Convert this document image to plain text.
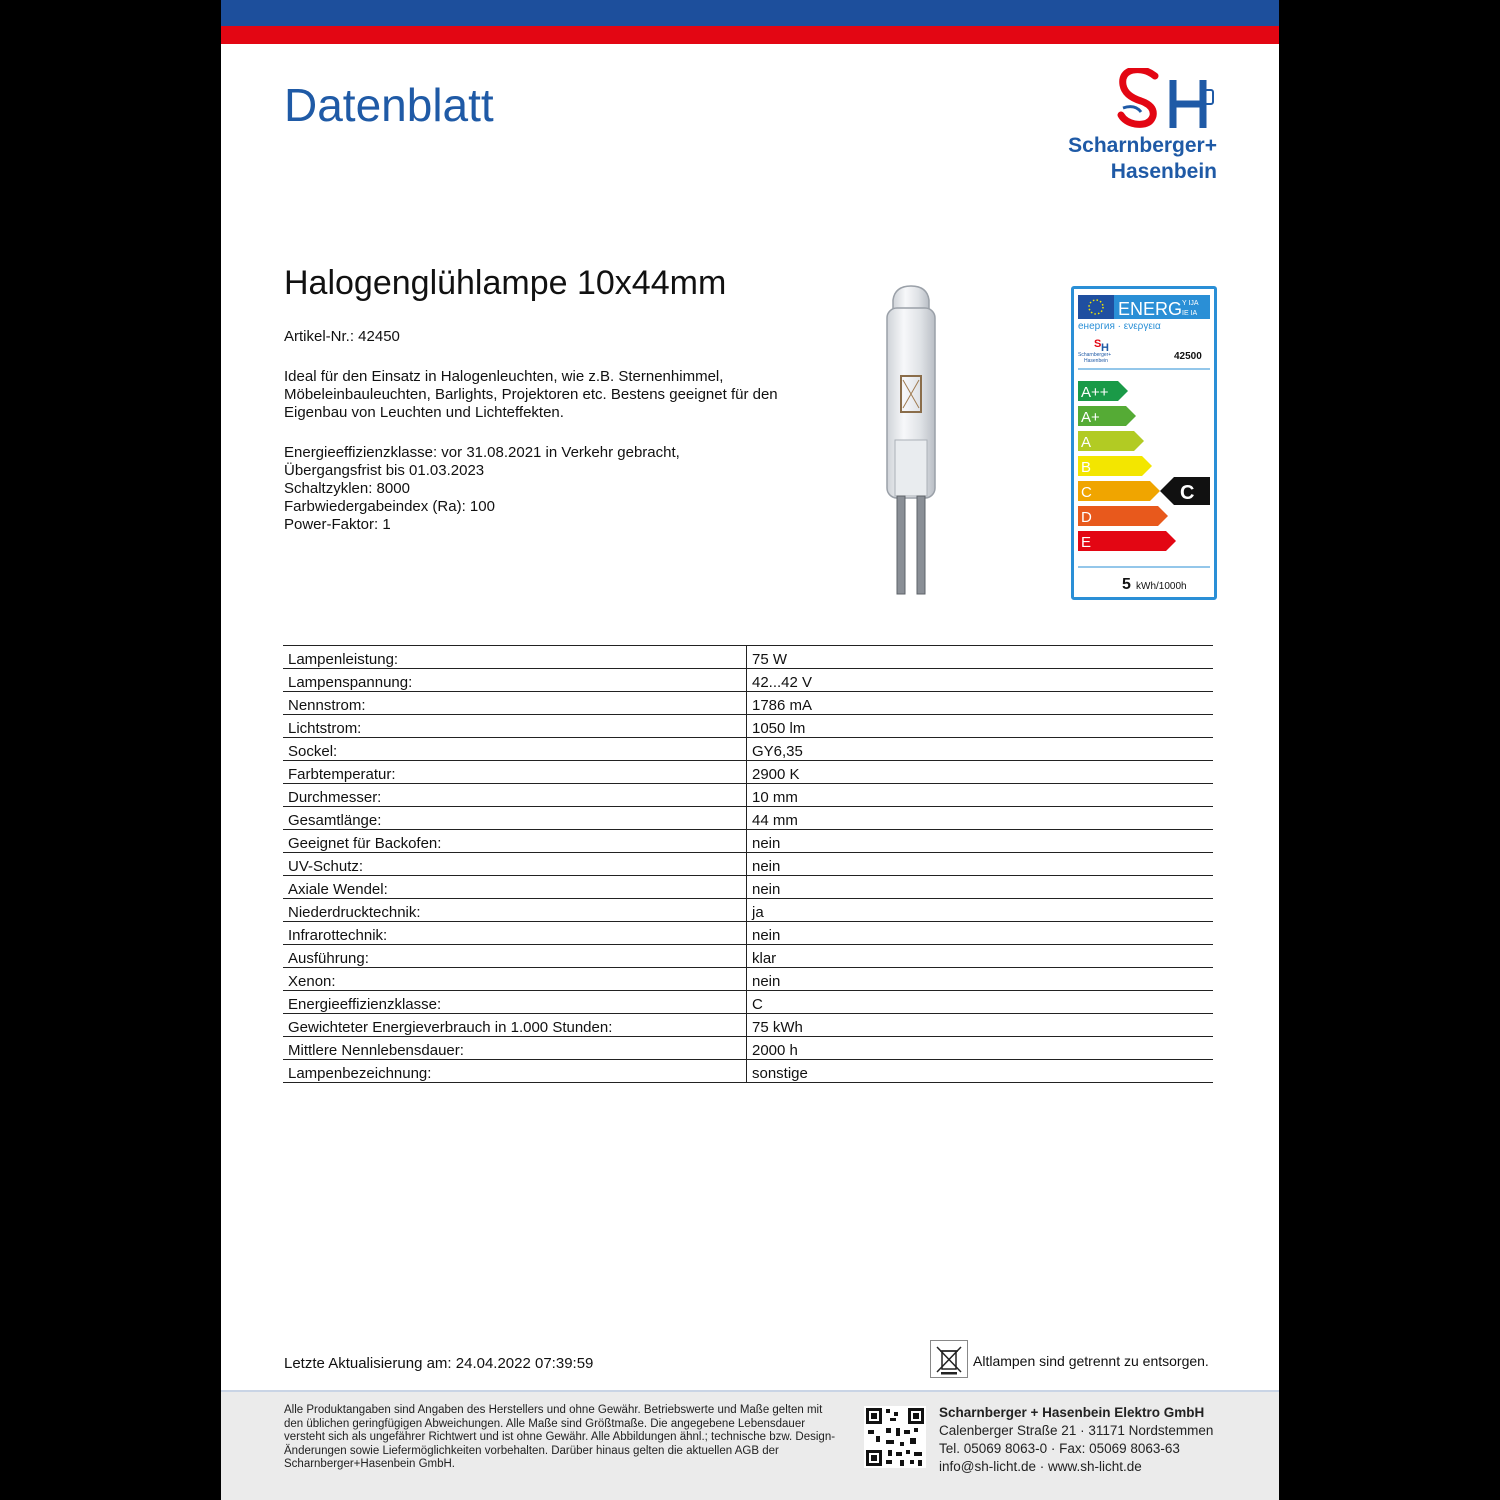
Datenblatt
Scharnberger+
Hasenbein
Halogenglühlampe 10x44mm
Artikel-Nr.: 42450
Ideal für den Einsatz in Halogenleuchten, wie z.B. Sternenhimmel, Möbeleinbauleuchten, Barlights, Projektoren etc. Bestens geeignet für den Eigenbau von Leuchten und Lichteffekten.
Energieeffizienzklasse: vor 31.08.2021 in Verkehr gebracht,
Übergangsfrist bis 01.03.2023
Schaltzyklen: 8000
Farbwiedergabeindex (Ra): 100
Power-Faktor: 1
ENERG Y IJA
IE IA
енергия · ενεργεια
S H
Scharnberger+
Hasenbein	42500
A++
A+
A
B
C	C
D
E
5 kWh/1000h
Lampenleistung:	75 W
Lampenspannung:	42...42 V
Nennstrom:	1786 mA
Lichtstrom:	1050 lm
Sockel:	GY6,35
Farbtemperatur:	2900 K
Durchmesser:	10 mm
Gesamtlänge:	44 mm
Geeignet für Backofen:	nein
UV-Schutz:	nein
Axiale Wendel:	nein
Niederdrucktechnik:	ja
Infrarottechnik:	nein
Ausführung:	klar
Xenon:	nein
Energieeffizienzklasse:	C
Gewichteter Energieverbrauch in 1.000 Stunden:	75 kWh
Mittlere Nennlebensdauer:	2000 h
Lampenbezeichnung:	sonstige
Letzte Aktualisierung am: 24.04.2022 07:39:59	Altlampen sind getrennt zu entsorgen.
Alle Produktangaben sind Angaben des Herstellers und ohne Gewähr. Betriebswerte und Maße gelten mit den üblichen geringfügigen Abweichungen. Alle Maße sind Größtmaße. Die angegebene Lebensdauer versteht sich als ungefährer Richtwert und ist ohne Gewähr. Alle Abbildungen ähnl.; technische bzw. Design-Änderungen sowie Liefermöglichkeiten vorbehalten. Darüber hinaus gelten die aktuellen AGB der Scharnberger+Hasenbein GmbH.
Scharnberger + Hasenbein Elektro GmbH
Calenberger Straße 21 · 31171 Nordstemmen
Tel. 05069 8063-0 · Fax: 05069 8063-63
info@sh-licht.de · www.sh-licht.de
